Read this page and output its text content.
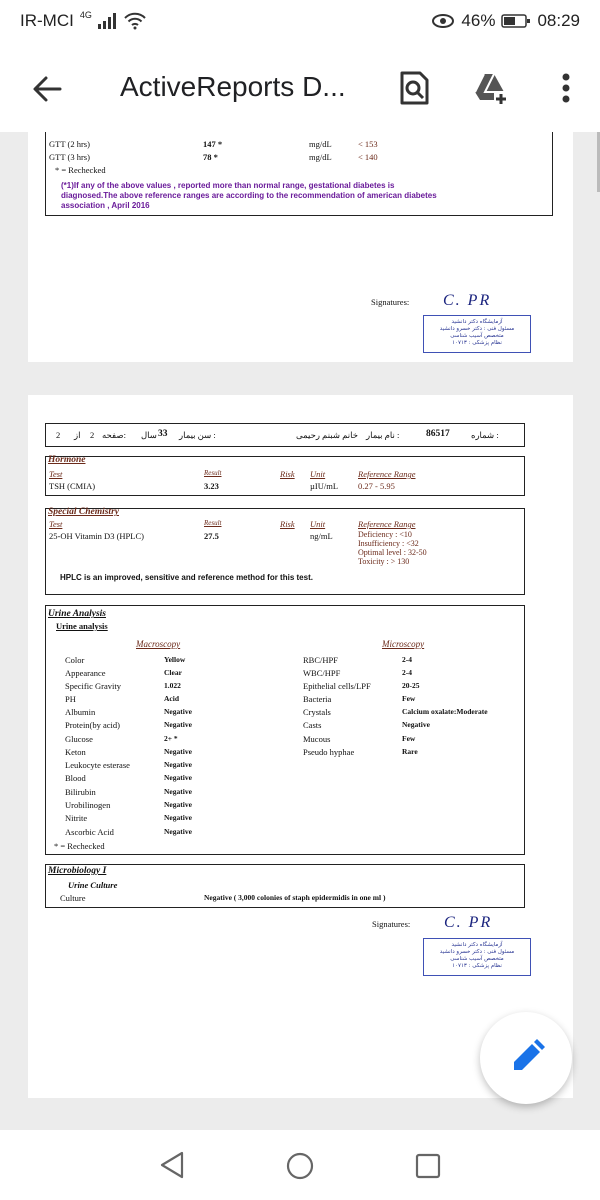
IR-MCI 4G	46% 08:29
ActiveReports D...
GTT (2 hrs)	147 *	mg/dL	< 153
GTT (3 hrs)	78 *	mg/dL	< 140
* = Rechecked
(*1)If any of the above values , reported more than normal range, gestational diabetes is
diagnosed.The above reference ranges are according to the recommendation of american diabetes
association , April 2016
Signatures: C. PR
آزمایشگاه دکتر دانشید
مسئول فنی : دکتر خسرو دانشید
متخصص آسیب شناسی
نظام پزشکی : ۱۰۷۱۳
2 از 2 صفحه: سال 33 سن بیمار :	خانم شبنم رحیمی نام بیمار :	86517	شماره :
Hormone
Test	Result	Risk Unit	Reference Range
TSH (CMIA)	3.23	µIU/mL 0.27 - 5.95
Special Chemistry
Test	Result	Risk Unit	Reference Range
25-OH Vitamin D3 (HPLC)	27.5	ng/mL	Deficiency : <10
Insufficiency : <32
Optimal level : 32-50
Toxicity : > 130
HPLC is an improved, sensitive and reference method for this test.
Urine Analysis
Urine analysis
Macroscopy	Microscopy
Color	Yellow
Appearance	Clear
Specific Gravity	1.022
PH	Acid
Albumin	Negative
Protein(by acid)	Negative
Glucose	2+ *
Keton	Negative
Leukocyte esterase	Negative
Blood	Negative
Bilirubin	Negative
Urobilinogen	Negative
Nitrite	Negative
Ascorbic Acid	Negative
RBC/HPF	2-4
WBC/HPF	2-4
Epithelial cells/LPF	20-25
Bacteria	Few
Crystals	Calcium oxalate:Moderate
Casts	Negative
Mucous	Few
Pseudo hyphae	Rare
* = Rechecked
Microbiology I
Urine Culture
Culture	Negative ( 3,000 colonies of staph epidermidis in one ml )
Signatures: C. PR
آزمایشگاه دکتر دانشید
مسئول فنی : دکتر خسرو دانشید
متخصص آسیب شناسی
نظام پزشکی : ۱۰۷۱۳
